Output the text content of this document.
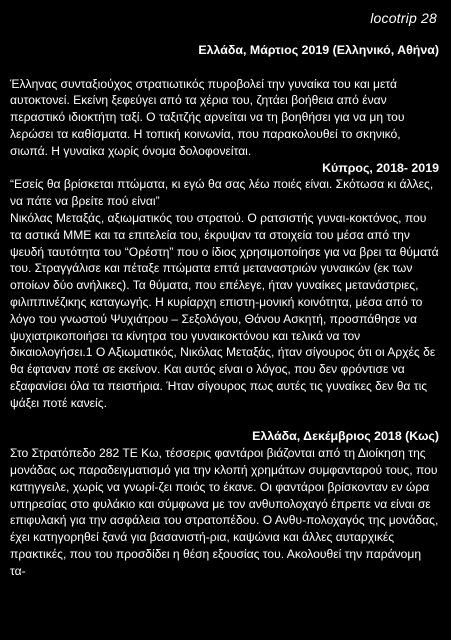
locotrip 28
Ελλάδα, Μάρτιος 2019 (Ελληνικό, Αθήνα)

Έλληνας συνταξιούχος στρατιωτικός πυροβολεί την γυναίκα του και μετά αυτοκτονεί. Εκείνη ξεφεύγει από τα χέρια του, ζητάει βοήθεια από έναν περαστικό ιδιοκτήτη ταξί. Ο ταξιτζής αρνείται να τη βοηθήσει για να μη του λερώσει τα καθίσματα. Η τοπική κοινωνία, που παρακολουθεί το σκηνικό, σιωπά. Η γυναίκα χωρίς όνομα δολοφονείται.

Κύπρος, 2018- 2019

“Εσείς θα βρίσκεται πτώματα, κι εγώ θα σας λέω ποιές είναι. Σκότωσα κι άλλες, να πάτε να βρείτε πού είναι”

Νικόλας Μεταξάς, αξιωματικός του στρατού. Ο ρατσιστής γυναι-κοκτόνος, που τα αστικά ΜΜΕ και τα επιτελεία του, έκρυψαν τα στοιχεία του μέσα από την ψευδή ταυτότητα του “Ορέστη” που ο ίδιος χρησιμοποίησε για να βρει τα θύματά του. Στραγγάλισε και πέταξε πτώματα επτά μεταναστριών γυναικών (εκ των οποίων δύο ανήλικες). Τα θύματα, που επέλεγε, ήταν γυναίκες μετανάστριες, φιλιππινέζικης καταγωγής. Η κυρίαρχη επιστη-μονική κοινότητα, μέσα από το λόγο του γνωστού Ψυχιάτρου – Σεξολόγου, Θάνου Ασκητή, προσπάθησε να ψυχιατρικοποιήσει τα κίνητρα του γυναικοκτόνου και τελικά να τον δικαιολογήσει.1 Ο Αξιωματικός, Νικόλας Μεταξάς, ήταν σίγουρος ότι οι Αρχές δε θα έφταναν ποτέ σε εκείνον. Και αυτός είναι ο λόγος, που δεν φρόντισε να εξαφανίσει όλα τα πειστήρια. Ήταν σίγουρος πως αυτές τις γυναίκες δεν θα τις ψάξει ποτέ κανείς.

Ελλάδα, Δεκέμβριος 2018 (Κως)

Στο Στρατόπεδο 282 ΤΕ Κω, τέσσερις φαντάροι βιάζονται από τη Διοίκηση της μονάδας ως παραδειγματισμό για την κλοπή χρημάτων συμφανταρού τους, που κατηγγειλε, χωρίς να γνωρί-ζει ποιός το έκανε. Οι φαντάροι βρίσκονταν εν ώρα υπηρεσίας στο φυλάκιο και σύμφωνα με τον ανθυπολοχαγό έπρεπε να είναι σε επιφυλακή για την ασφάλεια του στρατοπέδου. Ο Ανθυ-πολοχαγός της μονάδας, έχει κατηγορηθεί ξανά για βασανιστή-ρια, καψώνια και άλλες αυταρχικές πρακτικές, που του προσδίδει η θέση εξουσίας του. Ακολουθεί την παράνομη τα-
